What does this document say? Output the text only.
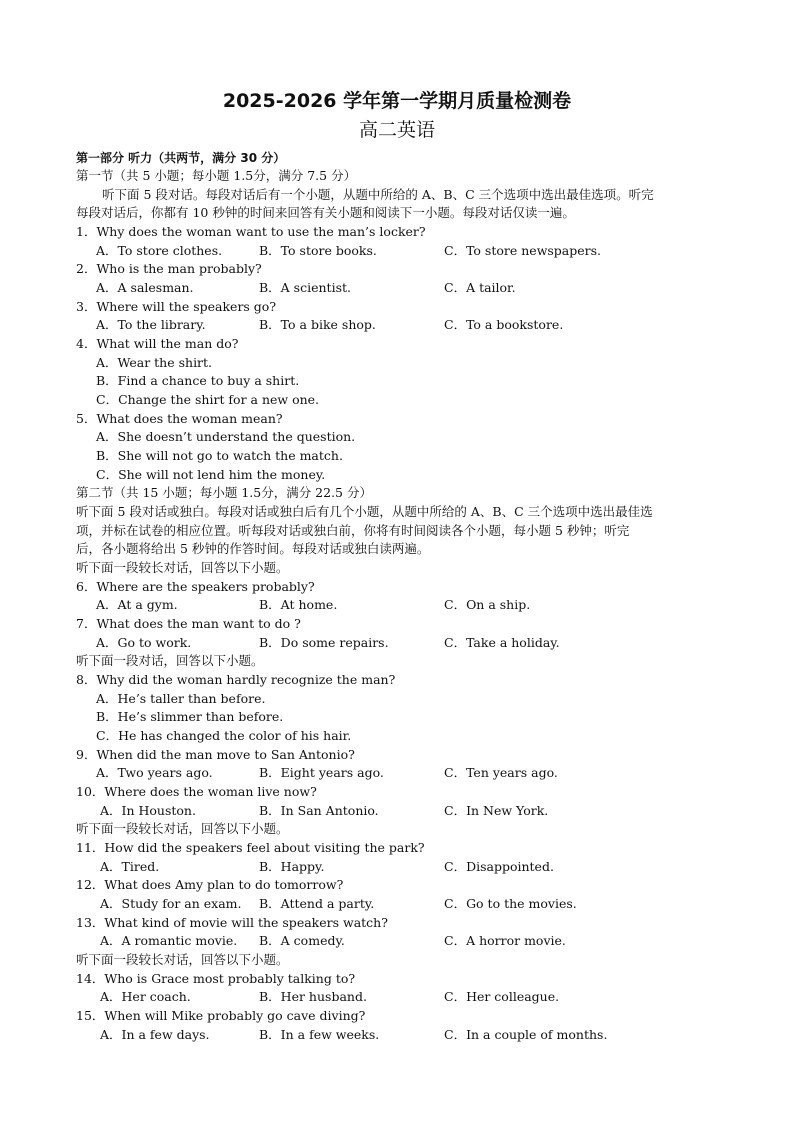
2025-2026 学年第一学期月质量检测卷
高二英语
第一部分 听力（共两节，满分 30 分）
第一节（共 5 小题；每小题 1.5分，满分 7.5 分）
听下面 5 段对话。每段对话后有一个小题，从题中所给的 A、B、C 三个选项中选出最佳选项。听完
每段对话后，你都有 10 秒钟的时间来回答有关小题和阅读下一小题。每段对话仅读一遍。
1．Why does the woman want to use the man’s locker?
A．To store clothes.	B．To store books.	C．To store newspapers.
2．Who is the man probably?
A．A salesman.	B．A scientist.	C．A tailor.
3．Where will the speakers go?
A．To the library.	B．To a bike shop.	C．To a bookstore.
4．What will the man do?
A．Wear the shirt.
B．Find a chance to buy a shirt.
C．Change the shirt for a new one.
5．What does the woman mean?
A．She doesn’t understand the question.
B．She will not go to watch the match.
C．She will not lend him the money.
第二节（共 15 小题；每小题 1.5分，满分 22.5 分）
听下面 5 段对话或独白。每段对话或独白后有几个小题，从题中所给的 A、B、C 三个选项中选出最佳选
项，并标在试卷的相应位置。听每段对话或独白前，你将有时间阅读各个小题，每小题 5 秒钟；听完
后，各小题将给出 5 秒钟的作答时间。每段对话或独白读两遍。
听下面一段较长对话，回答以下小题。
6．Where are the speakers probably?
A．At a gym.	B．At home.	C．On a ship.
7．What does the man want to do ?
A．Go to work.	B．Do some repairs.	C．Take a holiday.
听下面一段对话，回答以下小题。
8．Why did the woman hardly recognize the man?
A．He’s taller than before.
B．He’s slimmer than before.
C．He has changed the color of his hair.
9．When did the man move to San Antonio?
A．Two years ago.	B．Eight years ago.	C．Ten years ago.
10．Where does the woman live now?
A．In Houston.	B．In San Antonio.	C．In New York.
听下面一段较长对话，回答以下小题。
11．How did the speakers feel about visiting the park?
A．Tired.	B．Happy.	C．Disappointed.
12．What does Amy plan to do tomorrow?
A．Study for an exam. B．Attend a party.	C．Go to the movies.
13．What kind of movie will the speakers watch?
A．A romantic movie. B．A comedy.	C．A horror movie.
听下面一段较长对话，回答以下小题。
14．Who is Grace most probably talking to?
A．Her coach.	B．Her husband.	C．Her colleague.
15．When will Mike probably go cave diving?
A．In a few days.	B．In a few weeks.	C．In a couple of months.
